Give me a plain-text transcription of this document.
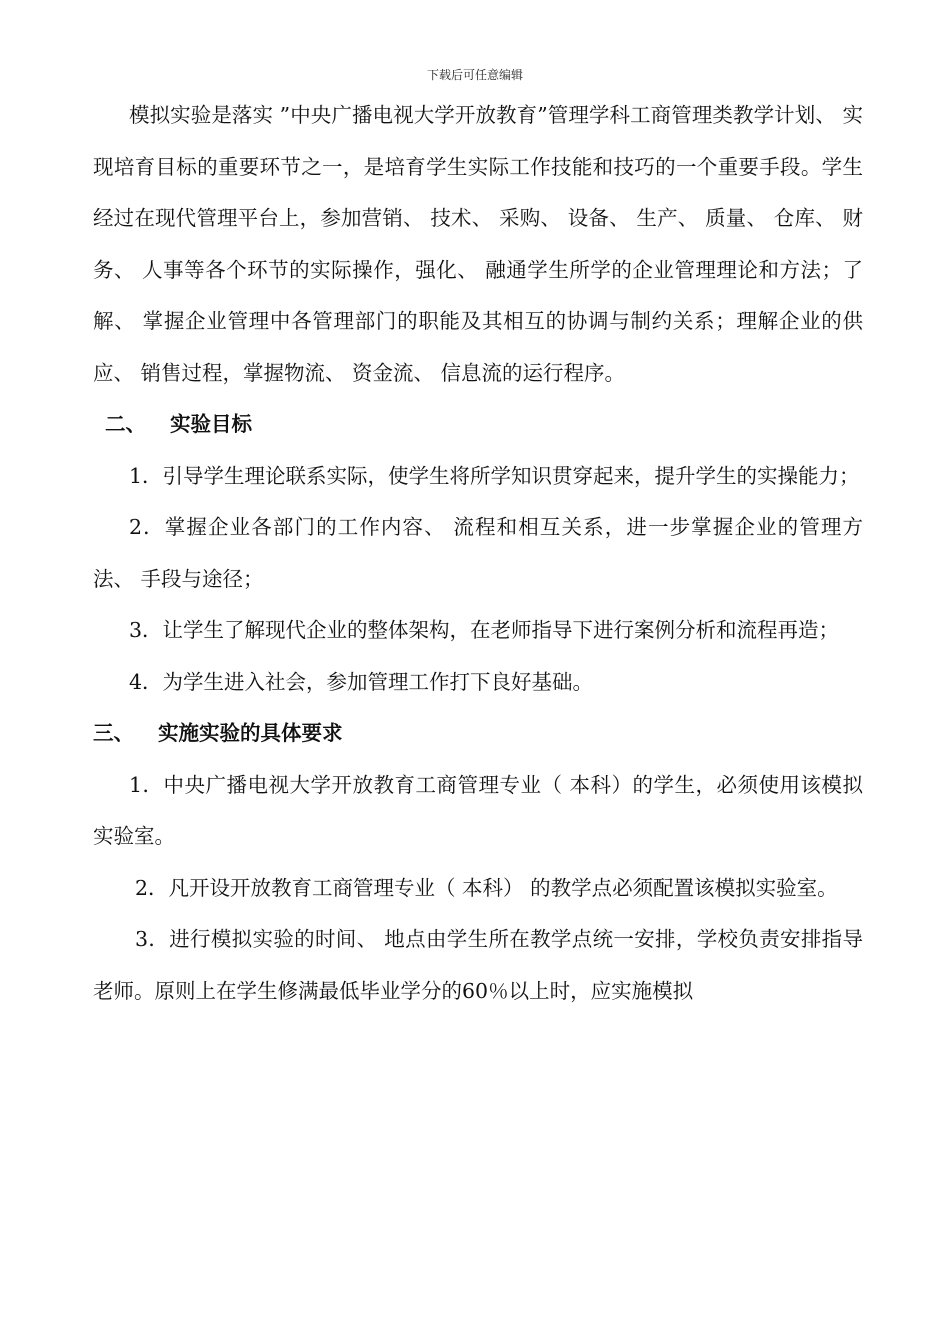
下载后可任意编辑

模拟实验是落实 ”中央广播电视大学开放教育”管理学科工商管理类教学计划、 实现培育目标的重要环节之一，是培育学生实际工作技能和技巧的一个重要手段。学生经过在现代管理平台上，参加营销、 技术、 采购、 设备、 生产、 质量、 仓库、 财务、 人事等各个环节的实际操作，强化、 融通学生所学的企业管理理论和方法；了解、 掌握企业管理中各管理部门的职能及其相互的协调与制约关系；理解企业的供应、 销售过程，掌握物流、 资金流、 信息流的运行程序。

二、 实验目标

1．引导学生理论联系实际，使学生将所学知识贯穿起来，提升学生的实操能力；

2．掌握企业各部门的工作内容、 流程和相互关系，进一步掌握企业的管理方法、 手段与途径；

3．让学生了解现代企业的整体架构，在老师指导下进行案例分析和流程再造；

4．为学生进入社会，参加管理工作打下良好基础。

三、 实施实验的具体要求

1．中央广播电视大学开放教育工商管理专业（ 本科）的学生，必须使用该模拟实验室。

2．凡开设开放教育工商管理专业（ 本科） 的教学点必须配置该模拟实验室。

3．进行模拟实验的时间、 地点由学生所在教学点统一安排，学校负责安排指导老师。原则上在学生修满最低毕业学分的60％以上时，应实施模拟
